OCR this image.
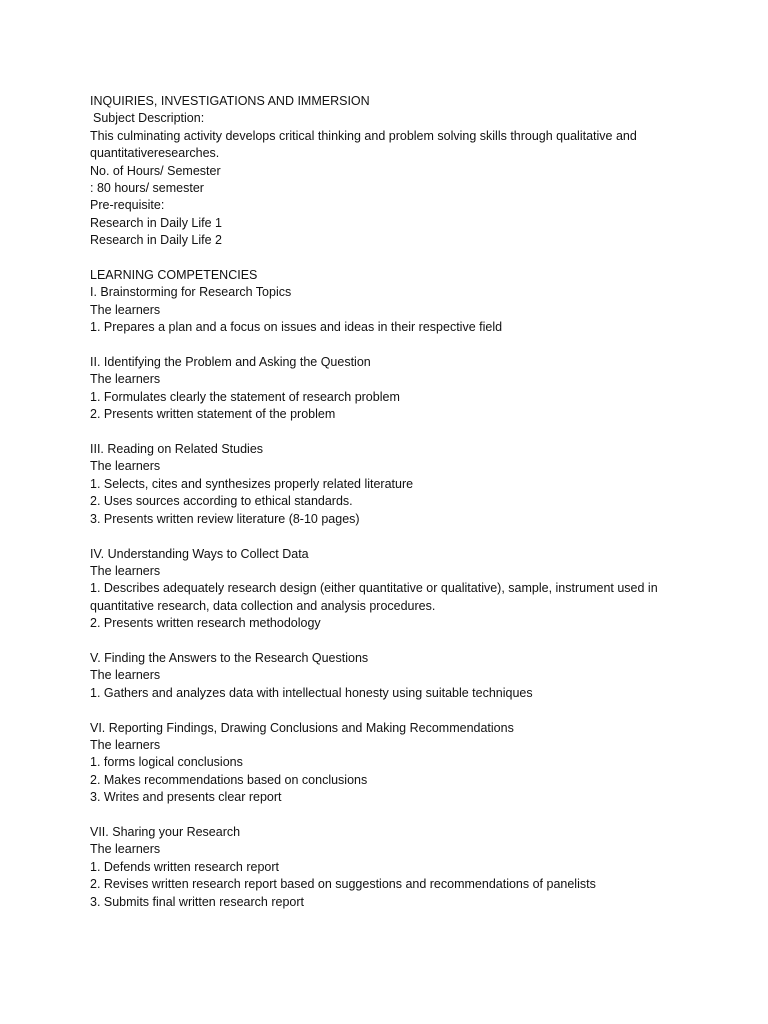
INQUIRIES, INVESTIGATIONS AND IMMERSION
Subject Description:
This culminating activity develops critical thinking and problem solving skills through qualitative and quantitativeresearches.
No. of Hours/ Semester
: 80 hours/ semester
Pre-requisite:
Research in Daily Life 1
Research in Daily Life 2
LEARNING COMPETENCIES
I. Brainstorming for Research Topics
The learners
1. Prepares a plan and a focus on issues and ideas in their respective field
II. Identifying the Problem and Asking the Question
The learners
1. Formulates clearly the statement of research problem
2. Presents written statement of the problem
III. Reading on Related Studies
The learners
1. Selects, cites and synthesizes properly related literature
2. Uses sources according to ethical standards.
3. Presents written review literature (8-10 pages)
IV. Understanding Ways to Collect Data
The learners
1. Describes adequately research design (either quantitative or qualitative), sample, instrument used in quantitative research, data collection and analysis procedures.
2. Presents written research methodology
V. Finding the Answers to the Research Questions
The learners
1. Gathers and analyzes data with intellectual honesty using suitable techniques
VI. Reporting Findings, Drawing Conclusions and Making Recommendations
The learners
1. forms logical conclusions
2. Makes recommendations based on conclusions
3. Writes and presents clear report
VII. Sharing your Research
The learners
1. Defends written research report
2. Revises written research report based on suggestions and recommendations of panelists
3. Submits final written research report
